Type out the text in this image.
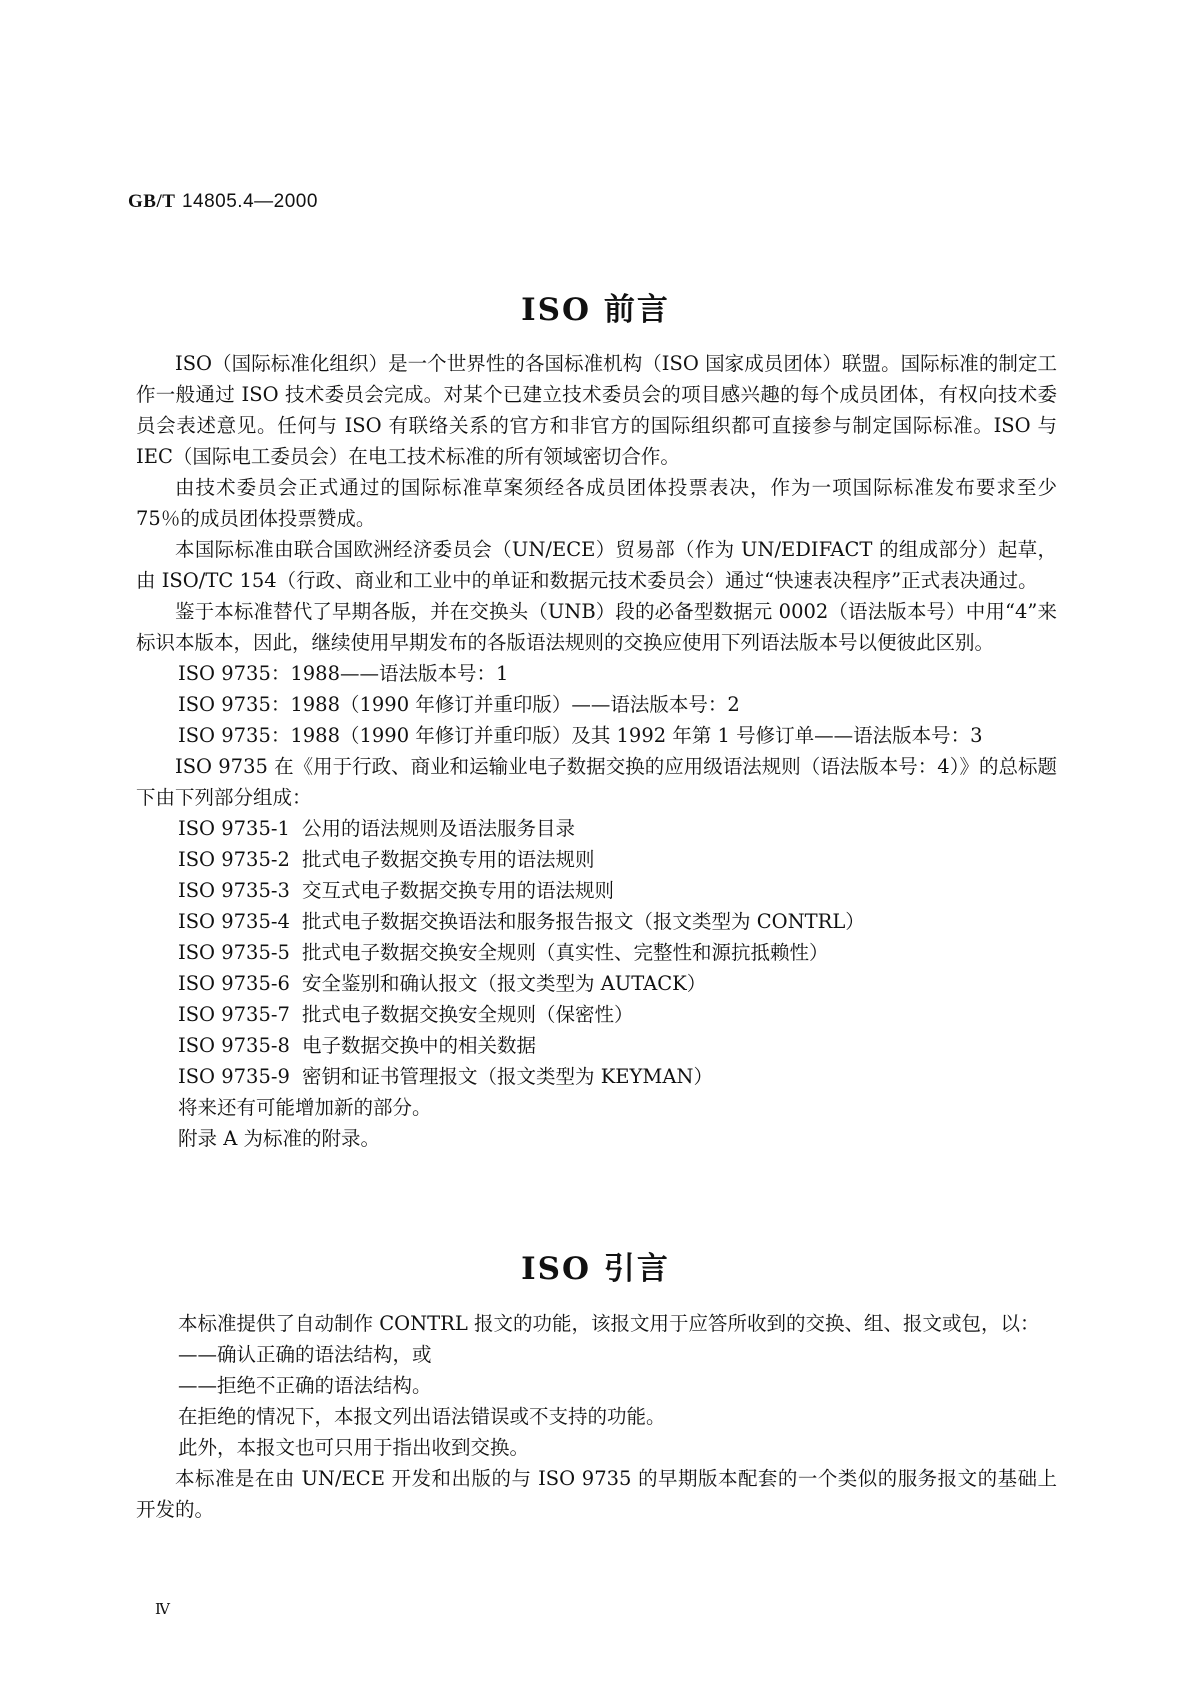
GB/T 14805.4—2000
ISO 前言

ISO（国际标准化组织）是一个世界性的各国标准机构（ISO 国家成员团体）联盟。国际标准的制定工作一般通过 ISO 技术委员会完成。对某个已建立技术委员会的项目感兴趣的每个成员团体，有权向技术委员会表述意见。任何与 ISO 有联络关系的官方和非官方的国际组织都可直接参与制定国际标准。ISO 与 IEC（国际电工委员会）在电工技术标准的所有领域密切合作。

由技术委员会正式通过的国际标准草案须经各成员团体投票表决，作为一项国际标准发布要求至少 75％的成员团体投票赞成。

本国际标准由联合国欧洲经济委员会（UN/ECE）贸易部（作为 UN/EDIFACT 的组成部分）起草，由 ISO/TC 154（行政、商业和工业中的单证和数据元技术委员会）通过“快速表决程序”正式表决通过。

鉴于本标准替代了早期各版，并在交换头（UNB）段的必备型数据元 0002（语法版本号）中用“4”来标识本版本，因此，继续使用早期发布的各版语法规则的交换应使用下列语法版本号以便彼此区别。

ISO 9735：1988——语法版本号：1
ISO 9735：1988（1990 年修订并重印版）——语法版本号：2
ISO 9735：1988（1990 年修订并重印版）及其 1992 年第 1 号修订单——语法版本号：3

ISO 9735 在《用于行政、商业和运输业电子数据交换的应用级语法规则（语法版本号：4）》的总标题下由下列部分组成：

ISO 9735-1 公用的语法规则及语法服务目录
ISO 9735-2 批式电子数据交换专用的语法规则
ISO 9735-3 交互式电子数据交换专用的语法规则
ISO 9735-4 批式电子数据交换语法和服务报告报文（报文类型为 CONTRL）
ISO 9735-5 批式电子数据交换安全规则（真实性、完整性和源抗抵赖性）
ISO 9735-6 安全鉴别和确认报文（报文类型为 AUTACK）
ISO 9735-7 批式电子数据交换安全规则（保密性）
ISO 9735-8 电子数据交换中的相关数据
ISO 9735-9 密钥和证书管理报文（报文类型为 KEYMAN）
将来还有可能增加新的部分。
附录 A 为标准的附录。
ISO 引言
本标准提供了自动制作 CONTRL 报文的功能，该报文用于应答所收到的交换、组、报文或包，以：
——确认正确的语法结构，或
——拒绝不正确的语法结构。
在拒绝的情况下，本报文列出语法错误或不支持的功能。
此外，本报文也可只用于指出收到交换。

本标准是在由 UN/ECE 开发和出版的与 ISO 9735 的早期版本配套的一个类似的服务报文的基础上开发的。

Ⅳ
